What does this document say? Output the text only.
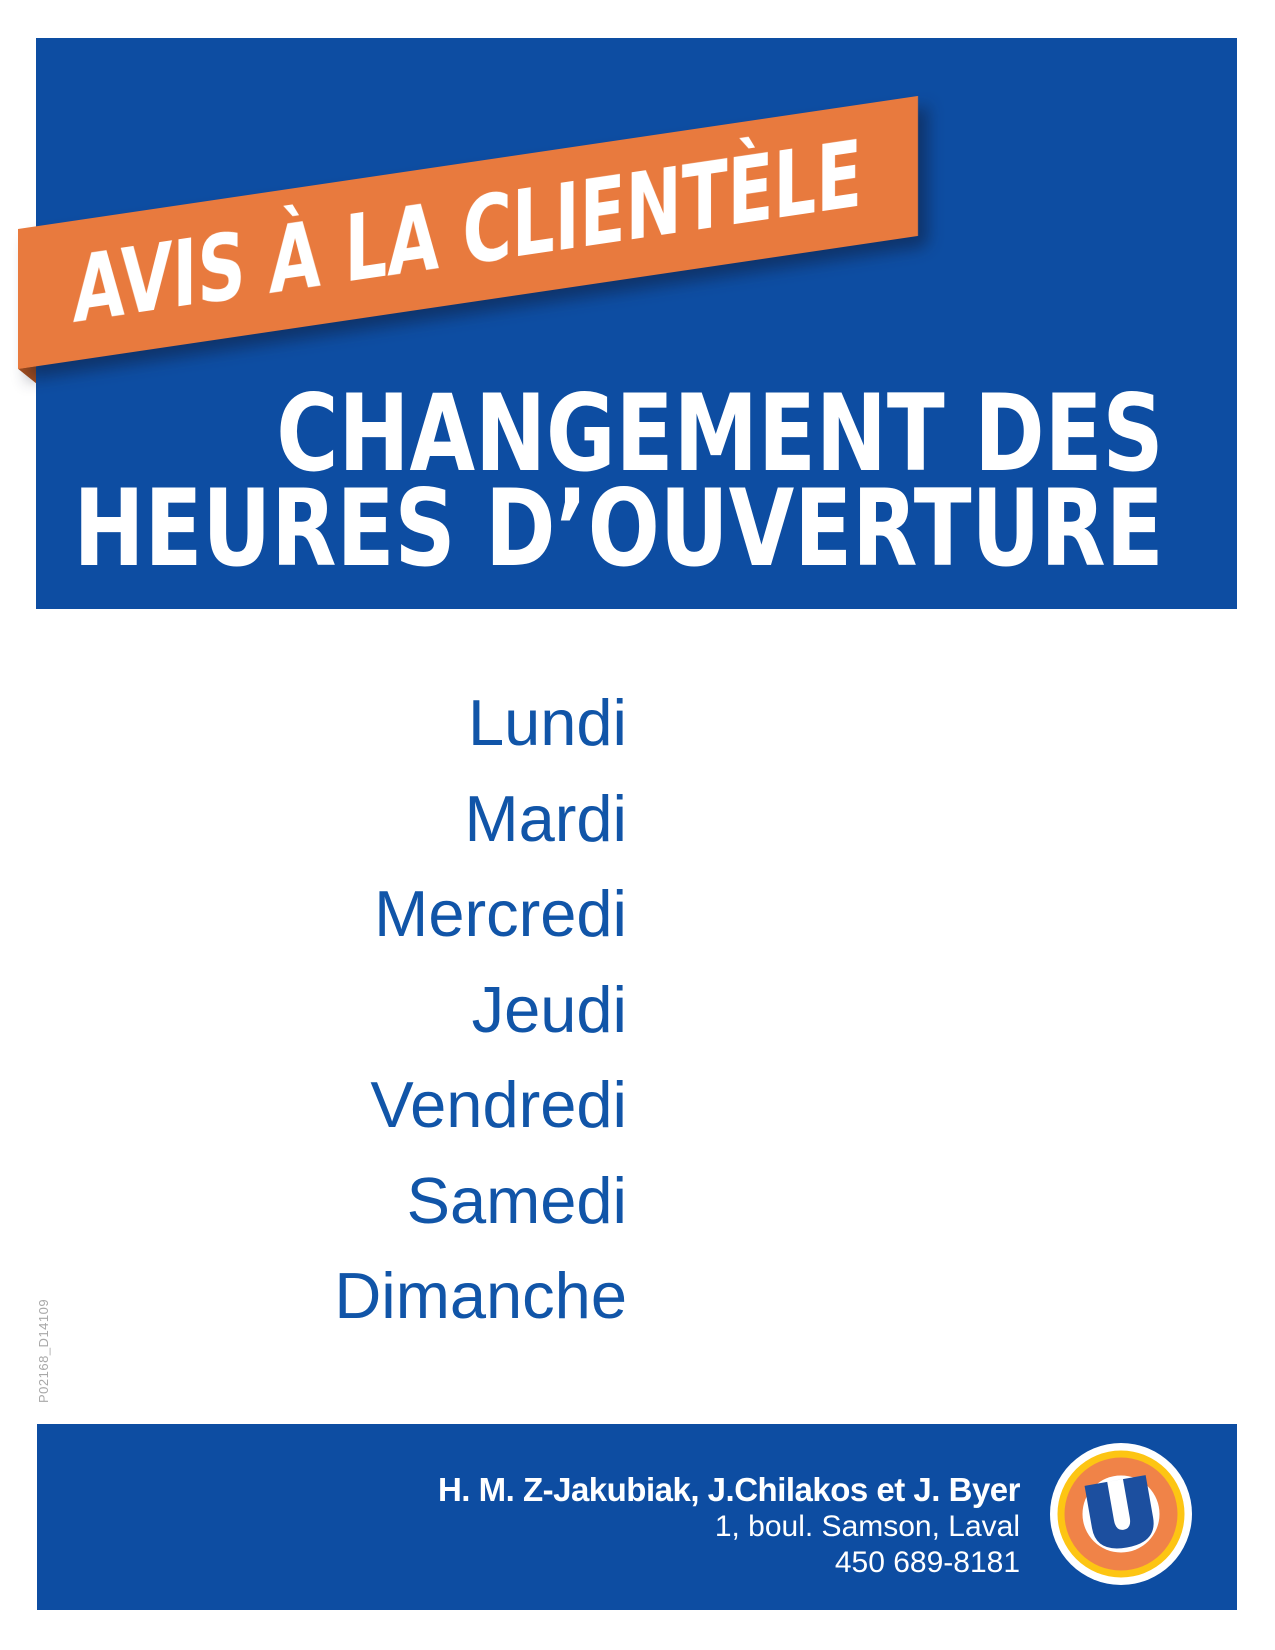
AVIS À LA CLIENTÈLE
CHANGEMENT DES
HEURES D’OUVERTURE
Lundi
Mardi
Mercredi
Jeudi
Vendredi
Samedi
Dimanche
P02168_D14109
H. M. Z-Jakubiak, J.Chilakos et J. Byer
1, boul. Samson, Laval
450 689-8181
